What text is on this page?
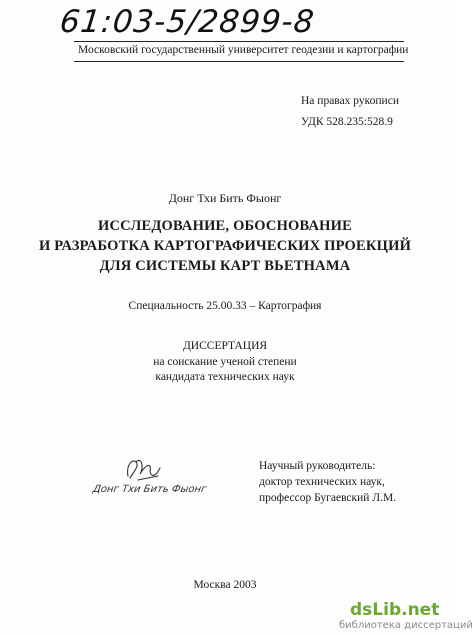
61:03-5/2899-8
Московский государственный университет геодезии и картографии
На правах рукописи
УДК 528.235:528.9
Донг Тхи Бить Фыонг
ИССЛЕДОВАНИЕ, ОБОСНОВАНИЕ
И РАЗРАБОТКА КАРТОГРАФИЧЕСКИХ ПРОЕКЦИЙ
ДЛЯ СИСТЕМЫ КАРТ ВЬЕТНАМА
Специальность 25.00.33 – Картография
ДИССЕРТАЦИЯ
на соискание ученой степени
кандидата технических наук
Донг Тхи Бить Фыонг
Научный руководитель:
доктор технических наук,
профессор Бугаевский Л.М.
Москва 2003
dsLib.net
библиотека диссертаций
